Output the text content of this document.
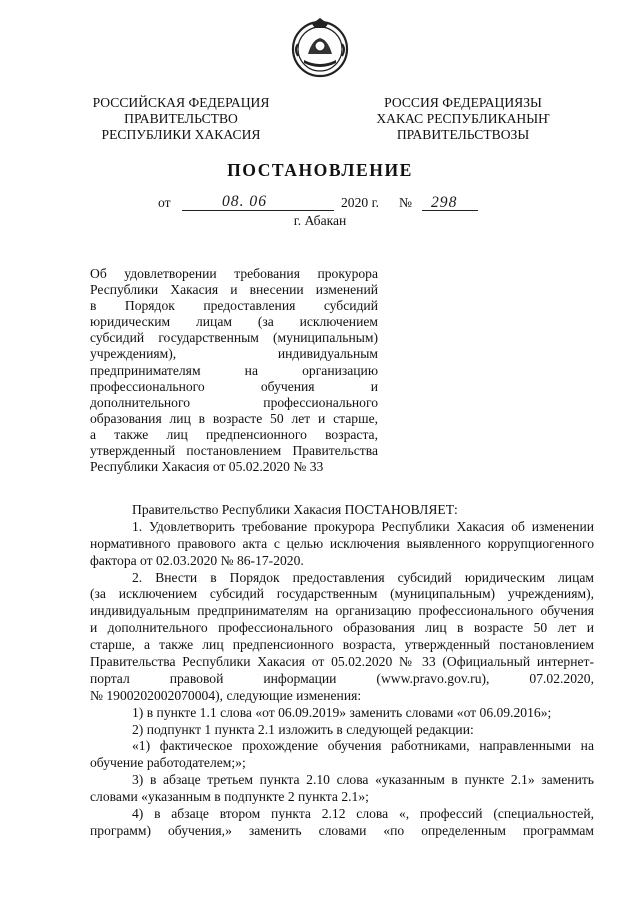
РОССИЙСКАЯ ФЕДЕРАЦИЯ
ПРАВИТЕЛЬСТВО
РЕСПУБЛИКИ ХАКАСИЯ
РОССИЯ ФЕДЕРАЦИЯЗЫ
ХАКАС РЕСПУБЛИКАНЫҤ
ПРАВИТЕЛЬСТВОЗЫ
ПОСТАНОВЛЕНИЕ
от	08. 06	2020 г. № 298
г. Абакан
Об удовлетворении требования прокурора
Республики Хакасия и внесении изменений
в Порядок предоставления субсидий
юридическим лицам (за исключением
субсидий государственным (муниципальным)
учреждениям), индивидуальным
предпринимателям на организацию
профессионального обучения и
дополнительного профессионального
образования лиц в возрасте 50 лет и старше,
а также лиц предпенсионного возраста,
утвержденный постановлением Правительства
Республики Хакасия от 05.02.2020 № 33
Правительство Республики Хакасия ПОСТАНОВЛЯЕТ:
1. Удовлетворить требование прокурора Республики Хакасия об изменении
нормативного правового акта с целью исключения выявленного коррупциогенного
фактора от 02.03.2020 № 86-17-2020.
2. Внести в Порядок предоставления субсидий юридическим лицам
(за исключением субсидий государственным (муниципальным) учреждениям),
индивидуальным предпринимателям на организацию профессионального обучения
и дополнительного профессионального образования лиц в возрасте 50 лет и
старше, а также лиц предпенсионного возраста, утвержденный постановлением
Правительства Республики Хакасия от 05.02.2020 № 33 (Официальный интернет-
портал правовой информации (www.pravo.gov.ru), 07.02.2020,
№ 1900202002070004), следующие изменения:
1) в пункте 1.1 слова «от 06.09.2019» заменить словами «от 06.09.2016»;
2) подпункт 1 пункта 2.1 изложить в следующей редакции:
«1) фактическое прохождение обучения работниками, направленными на
обучение работодателем;»;
3) в абзаце третьем пункта 2.10 слова «указанным в пункте 2.1» заменить
словами «указанным в подпункте 2 пункта 2.1»;
4) в абзаце втором пункта 2.12 слова «, профессий (специальностей,
программ) обучения,» заменить словами «по определенным программам
